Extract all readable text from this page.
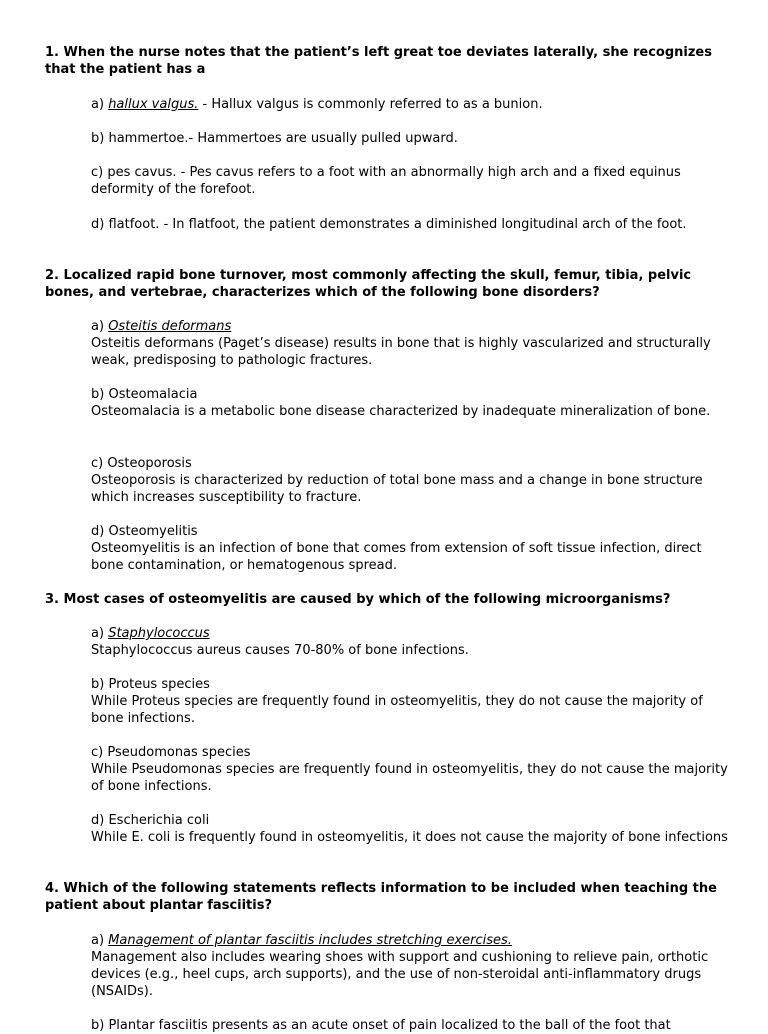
1. When the nurse notes that the patient’s left great toe deviates laterally, she recognizes that the patient has a
a) hallux valgus. - Hallux valgus is commonly referred to as a bunion.
b) hammertoe.- Hammertoes are usually pulled upward.
c) pes cavus. - Pes cavus refers to a foot with an abnormally high arch and a fixed equinus deformity of the forefoot.
d) flatfoot. - In flatfoot, the patient demonstrates a diminished longitudinal arch of the foot.
2. Localized rapid bone turnover, most commonly affecting the skull, femur, tibia, pelvic bones, and vertebrae, characterizes which of the following bone disorders?
a) Osteitis deformans
Osteitis deformans (Paget’s disease) results in bone that is highly vascularized and structurally weak, predisposing to pathologic fractures.
b) Osteomalacia
Osteomalacia is a metabolic bone disease characterized by inadequate mineralization of bone.
c) Osteoporosis
Osteoporosis is characterized by reduction of total bone mass and a change in bone structure which increases susceptibility to fracture.
d) Osteomyelitis
Osteomyelitis is an infection of bone that comes from extension of soft tissue infection, direct bone contamination, or hematogenous spread.
3. Most cases of osteomyelitis are caused by which of the following microorganisms?
a) Staphylococcus
Staphylococcus aureus causes 70-80% of bone infections.
b) Proteus species
While Proteus species are frequently found in osteomyelitis, they do not cause the majority of bone infections.
c) Pseudomonas species
While Pseudomonas species are frequently found in osteomyelitis, they do not cause the majority of bone infections.
d) Escherichia coli
While E. coli is frequently found in osteomyelitis, it does not cause the majority of bone infections
4. Which of the following statements reflects information to be included when teaching the patient about plantar fasciitis?
a) Management of plantar fasciitis includes stretching exercises.
Management also includes wearing shoes with support and cushioning to relieve pain, orthotic devices (e.g., heel cups, arch supports), and the use of non-steroidal anti-inflammatory drugs (NSAIDs).
b) Plantar fasciitis presents as an acute onset of pain localized to the ball of the foot that
